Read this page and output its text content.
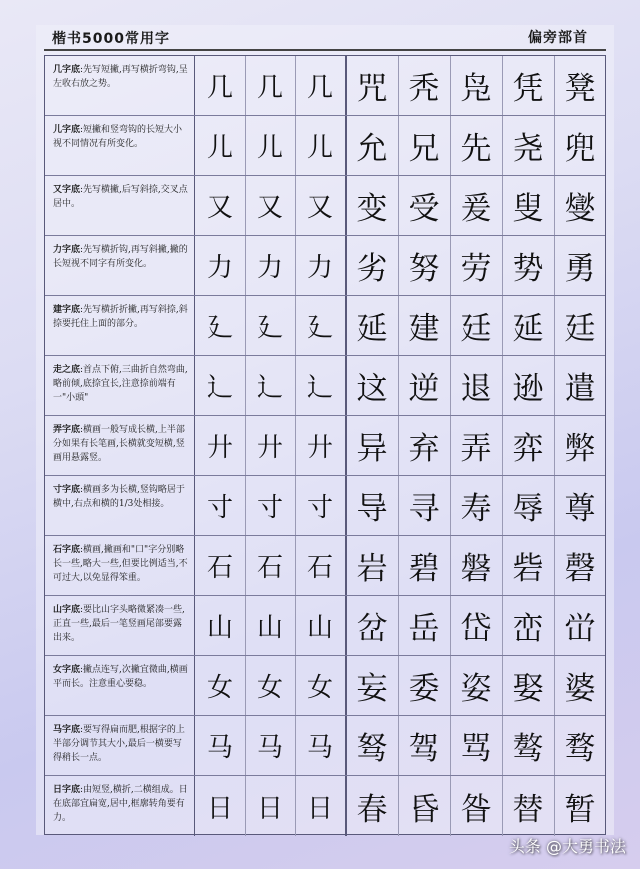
楷书5000常用字	偏旁部首
几字底:先写短撇,再写横折弯钩,呈左收右放之势。	几 几 几 咒 秃 凫 凭 凳
儿字底:短撇和竖弯钩的长短大小视不同情况有所变化。	儿 儿 儿 允 兄 先 尧 兜
又字底:先写横撇,后写斜捺,交叉点居中。	又 又 又 变 受 爰 叟 燮
力字底:先写横折钩,再写斜撇,撇的长短视不同字有所变化。	力 力 力 劣 努 劳 势 勇
建字底:先写横折折撇,再写斜捺,斜捺要托住上面的部分。	廴 廴 廴 延 建 廷 延 廷
走之底:首点下俯,三曲折自然弯曲,略前倾,底捺宜长,注意捺前端有一"小頭"	辶 辶 辶 这 逆 退 逊 遣
弄字底:横画一般写成长横,上半部分如果有长笔画,长横就变短横,竖画用悬露竖。	廾 廾 廾 异 弃 弄 弈 弊
寸字底:横画多为长横,竖钩略居于横中,右点和横的1/3处相接。	寸 寸 寸 导 寻 寿 辱 尊
石字底:横画,撇画和"口"字分别略长一些,略大一些,但要比例适当,不可过大,以免显得笨重。	石 石 石 岩 碧 磐 砦 磬
山字底:要比山字头略微紧凑一些,正直一些,最后一笔竖画尾部要露出来。	山 山 山 岔 岳 岱 峦 峃
女字底:撇点连写,次撇宜微曲,横画平而长。注意重心要稳。	女 女 女 妄 委 姿 娶 婆
马字底:要写得扁而肥,根据字的上半部分调节其大小,最后一横要写得稍长一点。	马 马 马 驽 驾 骂 骜 骛
日字底:由短竖,横折,二横组成。日在底部宜扁宽,居中,框廓转角要有力。	日 日 日 春 昏 昝 替 暂
头条 @大勇书法
